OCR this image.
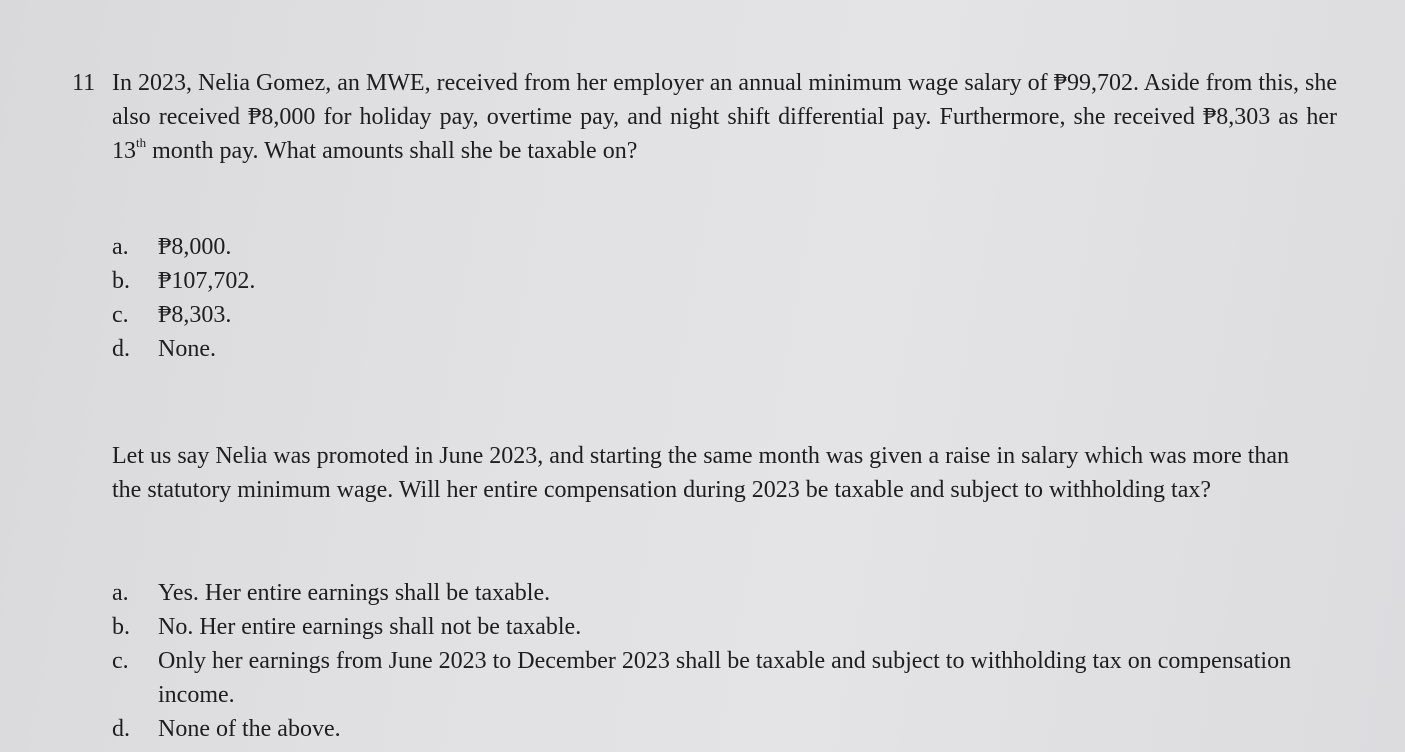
11 In 2023, Nelia Gomez, an MWE, received from her employer an annual minimum wage salary of ₱99,702. Aside from this, she also received ₱8,000 for holiday pay, overtime pay, and night shift differential pay. Furthermore, she received ₱8,303 as her 13th month pay. What amounts shall she be taxable on?
a.	₱8,000.
b.	₱107,702.
c.	₱8,303.
d.	None.
Let us say Nelia was promoted in June 2023, and starting the same month was given a raise in salary which was more than the statutory minimum wage. Will her entire compensation during 2023 be taxable and subject to withholding tax?
a.	Yes. Her entire earnings shall be taxable.
b.	No. Her entire earnings shall not be taxable.
c.	Only her earnings from June 2023 to December 2023 shall be taxable and subject to withholding tax on compensation income.
d.	None of the above.
